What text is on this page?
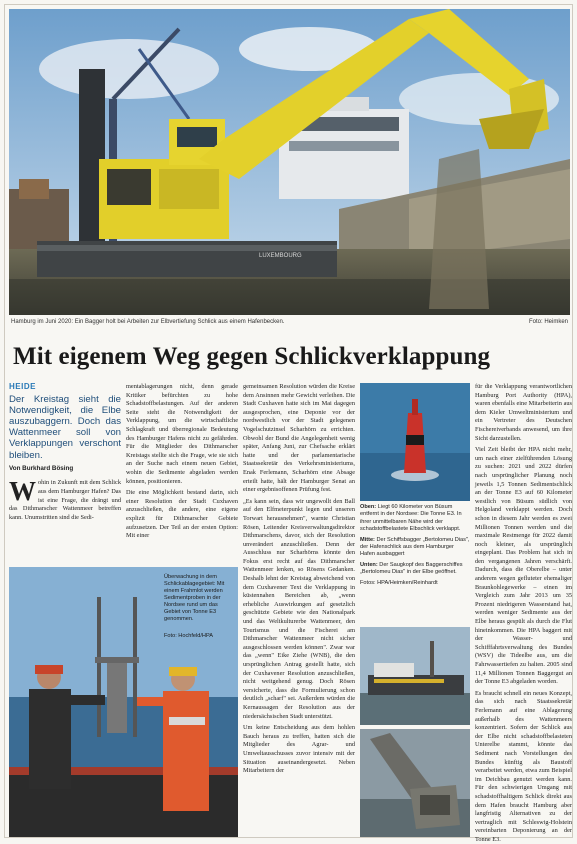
LUXEMBOURG
Hamburg im Juni 2020: Ein Bagger holt bei Arbeiten zur Elbvertiefung Schlick aus einem Hafenbecken.	Foto: Heimken
Mit eigenem Weg gegen Schlickverklappung
HEIDE
Der Kreistag sieht die Notwendigkeit, die Elbe auszubaggern. Doch das Wattenmeer soll von Verklappungen verschont bleiben.
Von Burkhard Bösing

Wohin in Zukunft mit dem Schlick aus dem Hamburger Hafen? Das ist eine Frage, die drängt und das Dithmarscher Wattenmeer betreffen kann. Unumstritten sind die Sedi-

mentablagerungen nicht, denn gerade Kritiker befürchten zu hohe Schadstoffbelastungen. Auf der anderen Seite steht die Notwendigkeit der Verklappung, um die wirtschaftliche Schlagkraft und überregionale Bedeutung des Hamburger Hafens nicht zu gefährden. Für die Mitglieder des Dithmarscher Kreistags stellte sich die Frage, wie sie sich an der Suche nach einem neuen Gebiet, wohin die Sedimente abgeladen werden können, positionieren.

Die eine Möglichkeit bestand darin, sich einer Resolution der Stadt Cuxhaven anzuschließen, die andere, eine eigene explizit für Dithmarscher Gebiete aufzusetzen. Der Teil an der ersten Option: Mit einer

Überwachung in dem Schlickablagegebiet: Mit einem Frahmlot werden Sedimentproben in der Nordsee rund um das Gebiet von Tonne E3 genommen.

Foto: Hochfeld/HPA

gemeinsamen Resolution würden die Kreise dem Ansinnen mehr Gewicht verleihen. Die Stadt Cuxhaven hatte sich im Mai dagegen ausgesprochen, eine Deponie vor der nordwestlich vor der Stadt gelegenen Vogelschutzinsel Scharhörn zu errichten. Obwohl der Bund die Angelegenheit wenig später, Anfang Juni, zur Chefsache erklärt hatte und der parlamentarische Staatssekretär des Verkehrsministeriums, Enak Ferlemann, Scharhörn eine Absage erteilt hatte, hält der Hamburger Senat an einer ergebnisoffenen Prüfung fest.

„Es kann sein, dass wir ungewollt den Ball auf den Elfmeterpunkt legen und unseren Torwart herausnehmen", warnte Christian Rösen, Leitender Kreisverwaltungsdirektor Dithmarschens, davor, sich der Resolution unverändert anzuschließen. Denn der Ausschluss nur Scharhörns könnte den Fokus erst recht auf das Dithmarscher Wattenmeer lenken, so Rösens Gedanken. Deshalb lehnt der Kreistag abweichend von dem Cuxhavener Text die Verklappung in küstennahen Bereichen ab, „wenn erhebliche Auswirkungen auf gesetzlich geschützte Gebiete wie den Nationalpark und das Weltkulturerbe Wattenmeer, den Tourismus und die Fischerei am Dithmarscher Wattenmeer nicht sicher ausgeschlossen werden können". Zwar war das „wenn" Eike Ziehe (WNB), die den ursprünglichen Antrag gestellt hatte, sich der Cuxhavener Resolution anzuschließen, nicht weitgehend genug. Doch Rösen versicherte, dass die Formulierung schon deutlich „scharf" sei. Außerdem würden die Kernaussagen der Resolution aus der niedersächsischen Stadt unterstützt.

Um keine Entscheidung aus dem hohlen Bauch heraus zu treffen, hatten sich die Mitglieder des Agrar- und Umweltausschusses zuvor intensiv mit der Situation auseinandergesetzt. Neben Mitarbeitern der

Oben: Liegt 60 Kilometer von Büsum entfernt in der Nordsee: Die Tonne E3. In ihrer unmittelbaren Nähe wird der schadstoffbelastete Elbschlick verklappt.

Mitte: Der Schiffsbagger „Bertolomeu Dias", der Hafenschlick aus dem Hamburger Hafen ausbaggert

Unten: Der Saugkopf des Baggerschiffes „Bertolomeu Dias" in der Elbe geöffnet.

Fotos: HPA/Heimken/Reinhardt

für die Verklappung verantwortlichen Hamburg Port Authority (HPA), waren ebenfalls eine Mitarbeiterin aus dem Kieler Umweltministerium und ein Vertreter des Deutschen Fischereiverbands anwesend, um ihre Sicht darzustellen.

Viel Zeit bleibt der HPA nicht mehr, um nach einer zielführenden Lösung zu suchen: 2021 und 2022 dürfen nach ursprünglicher Planung noch jeweils 1,5 Tonnen Sedimentschlick an der Tonne E3 auf 60 Kilometer westlich von Büsum südlich von Helgoland verklappt werden. Doch schon in diesem Jahr werden es zwei Millionen Tonnen werden und die maximale Restmenge für 2022 damit noch kleiner, als ursprünglich eingeplant. Das Problem hat sich in den vergangenen Jahren verschärft. Dadurch, dass die Oberelbe – unter anderem wegen gefluteter ehemaliger Braunkohlegewerke – einen im Vergleich zum Jahr 2013 um 35 Prozent niedrigeren Wasserstand hat, werden weniger Sedimente aus der Elbe heraus gespült als durch die Flut hineinkommen. Die HPA baggert mit der Wasser- und Schifffahrtsverwaltung des Bundes (WSV) die Tideelbe aus, um die Fahrwassertiefen zu halten. 2005 sind 11,4 Millionen Tonnen Baggergut an der Tonne E3 abgeladen worden.

Es braucht schnell ein neues Konzept, das sich nach Staatssekretär Ferlemann auf eine Ablagerung außerhalb des Wattenmeers konzentriert. Sofern der Schlick aus der Elbe nicht schadstoffbelasteten Unterelbe stammt, könnte das Sediment nach Vorstellungen des Bundes künftig als Baustoff verarbeitet werden, etwa zum Beispiel im Deichbau genutzt werden kann. Für den schwierigen Umgang mit schadstoffhaltigem Schlick direkt aus dem Hafen braucht Hamburg aber langfristig Alternativen zu der vertraglich mit Schleswig-Holstein vereinbarten Deponierung an der Tonne E3.
